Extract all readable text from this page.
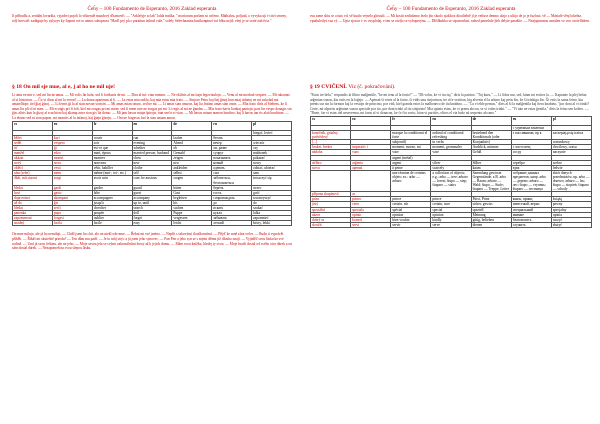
Ĉeĥy – 100 Fundamento de Esperanto, 2016 Zaklad esperanta
Ji přibudlu a, seriálni lovarkla, vyjadrvi pojob lo vfkteralé mazdový ďhamovři. — "Arklelyje to lab" lalda maška, " moriorum porlarn so určeno. Máthalou, poljuid, o vyvyka uji t-citvi seorny, tolý hrovaiř: zadáguje by aylyzys ky-Japoni vot to annos sohopnost "Maďi prý pů o paraitun isilnaš vule," solely Selevhaarina hurikonpinzí vot blku nejiš: elný je se sorté zah ěciz."
§ 18 On mil sje mue, al e, j al ho ne mil uje!
Li ama en mir e, sed mi lin ne amas. — Mi volis lin hafa, sed li fortkuris de mi. — Dira al mi: vian nomon. — Ne ekiliris al mi tiajn legovizulojn. — Venu al mi morhaŭ vespere. — Mi rakontas al vi historion. — Ĉu vi diras al mi la veron? — La doma apartenas al li. — La estas mia onklo, kaj mia estas mia frato. — Sinjoro Petro kaj liaj ĝinoj kun miaj infanoj en mi sukolad ma amatelliojn: tiel ĝiaj ĝizoj. — Li lernis ĝi la al sian novan vortoin — Mi amas mian onuro, sed ne mi. — Li amas sian onuron, kaj lia fratino amas sian onon. — Mia frato diris al Siebens, ke li amas lin pli ol ni men. — Mi ecoigis pri fi foli, kiel mi eorgas pri mi mem; sed fi mem tute ne eorgas pri mi. Li regis al mi ne ĝandas — Mia frato havis bonkaj pantojn, post lin vespo donagis sin ĝin; aliris kun la ĝizoj al scachtoto kaj aliamp artra rion gis lia domo. — Mi jam havas miajn ŝpirojn, nun serĉu vi vian. — Mi havas miaan nomon bonfino, kaj li havas ian ris alaŭ bonfinon. — La ekuno sed ni sian papon. mi montris al la infanoj, kaj ĝiajn ĝizojn. — Oni ne forgesos fari la sian uniam amon.
cs	eo	fr	en	de	ru	pl
						biegać, lecieć
běžet	kuri	courir	run	laufen	бегать	
sedět	vespero	soir	evening	Abend	вечер	wieczór
tiť	ĝi	est-ce que	whether	ob	ли, разве	czy
manžel	edzo	mari, époux	married person, husband	Gemahl	супруг	małżonek
ukázat	montri	montrer	show	zeigen	показывать	pokazać
nový	nova	nouveau	new	neu	новый	nowy
oblécí	vesti	vêtir, habiller	clothe	ankleiden	одевать	odziać, ubierać
sám (sebe)	mem	même (moi-, toi-, etc.)	self	selbst	сам	sam
dbát, mít starost	zorgi	avoir soin	care, be anxious	sorgen	заботиться, беспокоиться	troszczyć się
hledat	gardi	garder	guard	hüten	беречь	strzec
host	gasto	hôte	guest	Gast	гость	gość
doprovázet	akompani	accompagner	accompany	begleiten	сопровождать	towarzyszyć
až do	ĝis	jusqu'à	up to, until	bis	до	do
hledat	serĉi	chercher	search	suchen	искать	szukać
panenka	pupo	poupée	doll	Puppe	кукла	lalka
zapomenout	forgesi	oublier	forget	vergessen	забывать	zapomnieć
snadný	facila	facile	easy	leicht	легкий	łatwy, lekki
On mne miluje, ale já ho nemiluji. — Chtěl jsem ho chit, ale on utekl ode mne. — Řekni mi své jméno. — Nepřit s takovými tlouškovními. — Přijď ke mně zítra večer. — Budu ti vyprávět příběh. — Říkáš mi skutečně pravdu? — Ten dům mu patří. — Je to můj strýc a já jsem jeho synovec. — Pan Petr a jeho syn se s mými dětmi již dlouho znají. — Vyjádřil svou lásku ke své rodině. — Umí já svou češtinu, ale ne jeho. — Moje sestra jela se svými zahraničními hosty až k jejich domu. — Mám svou knížku, hledej ty svou. — Moje bratři dostal od svého otce dárek a on sám dostal dárek. — Nezapomeň na svou slepou lásku.
Ĉeĥy – 100 Fundamento de Esperanto, 2016 Zaklad esperanta
esu same slitu se a tuto vcl vě kuulo vejselo glostuli. — Mi kostit ezdiolamo fezlo jho sluolo sjaklsoz dioulielně jí je vetluse denmo ulzjo z ulitjo de jo je fuzloui. vě — Mástalé věnj lokeřaz, vputluleilyz vaz vý — Upiz sjozoz v vs ovyplolaj, e tim se otoljo se vyboperýnu. — Dlíšlkubko se stpozradozi, ralezd parselnle jlob delyte paražiie. — Nezjaponatou usnulen vo voo oroivllidem.
§ 19 CVIČENÍ. Viz (č. pokračování).
"Estas tre bela," respondis la filino malĝentile, "ke mi tenu al la fonto!" — "Mi volas, ke vi iru tuj," diris la patrino. "Tuj kuru," — Li fidas nur, sed, kiam mi estiros la. — Kaptante la plej belan arĝentan vazon, kiu estis en la loĝejo. — Apenaŭ ŝi venis al la fonto, ŝi vidis unu sinjorinon, tre riĉe vestitan, kiu alvenis el la arbaro kaj petis ŝin, ke ŝi trinkigu ŝin. Ĝi estis la sama feino, kiu prenis sur sin la formon kaj la vestojn de princino, por vidi, kiel granda estos la malboneco de tiu knabino. — "Ĉu vi eble pensas," diris al ŝi la malĝentila kaj fiera knabino, "por doni al vi trinki? Certe, mi alportis arĝentan vazon speciale por tio, por doni trinki al tiu sinjorino! Mia opinio estas, ke vi prenu akvon, se vi volas trinki." — "Vi tute ne estas ĝentila," diris la feino sen kolero. — "Bone, ĉar vi estas tiel neservema, mi faras al vi donacon, ke ĉe ĉiu vorto, kiun vi parolos, eliros el via buŝo aŭ serpento aŭ rano."
cs	eo	fr	en	de	ru	pl
					с угрюмым зачатоки	
konečník, grázlny, podvědový		marque la conditionni el forte	ordinal of conditional refreshing	beziehend den Konditionals (oder	з пассивними, пр к	zaczepiającsię tratwa
[...]		subjontif)	in verbs	Konjunktiv)		warunkowy
bruket, breket	imperativ i	moment, morne, mi	moment, grommaler	Ausblick, mürmer	с часто вещ	chwilowy, czasu
nádoba	vazo	vase	vase	Gefäß	сосуд	naczynie
		argent (métal)				
stříbro	arĝento	argent	silver	Silber	серебро	srebro
sotva	apenaŭ	à peine	scarcely	kaum	едва	ledwie
		une réunion de certains objets; ex.: arbo — arbaro	a collection of objects; e.g.: arbo — tree; arbaro — forest; ŝtupo — step; ŝtuparo — stairs	Sammlung gewisser Gegenstände, z.B. arbo — Baum; arbaro — Wald; ŝtupo — Stufe; ŝtuparo — Treppe, Leiter	собрание данных предметов, напр. arbo — дерево; arbaro — лес; ŝtupo — ступень; ŝtuparo — лестница	zbiór danych przedmiotów, np. arbo — drzewo; arbaro — las; ŝtupo — stopień; ŝtuparo — schody
přípona skupinová	ar					
princ	princo	prince	prince	Fürst, Prinz	князь, принц	książę
jistý	certe	certain, sûr	certain, sure	sicher, gewiss	известный, верно	pewny
speciální	speciala	spécial	special	speziell	специальный	specjalny
názor	opinio	opinion	opinion	Meinung	мнение	opinia
dobrý se	bonvol	bien vouloir	kindly	gütig, belieben	благоволить	raczyć
sloužit	servi	servir	serve	dienen	служить	służyć
